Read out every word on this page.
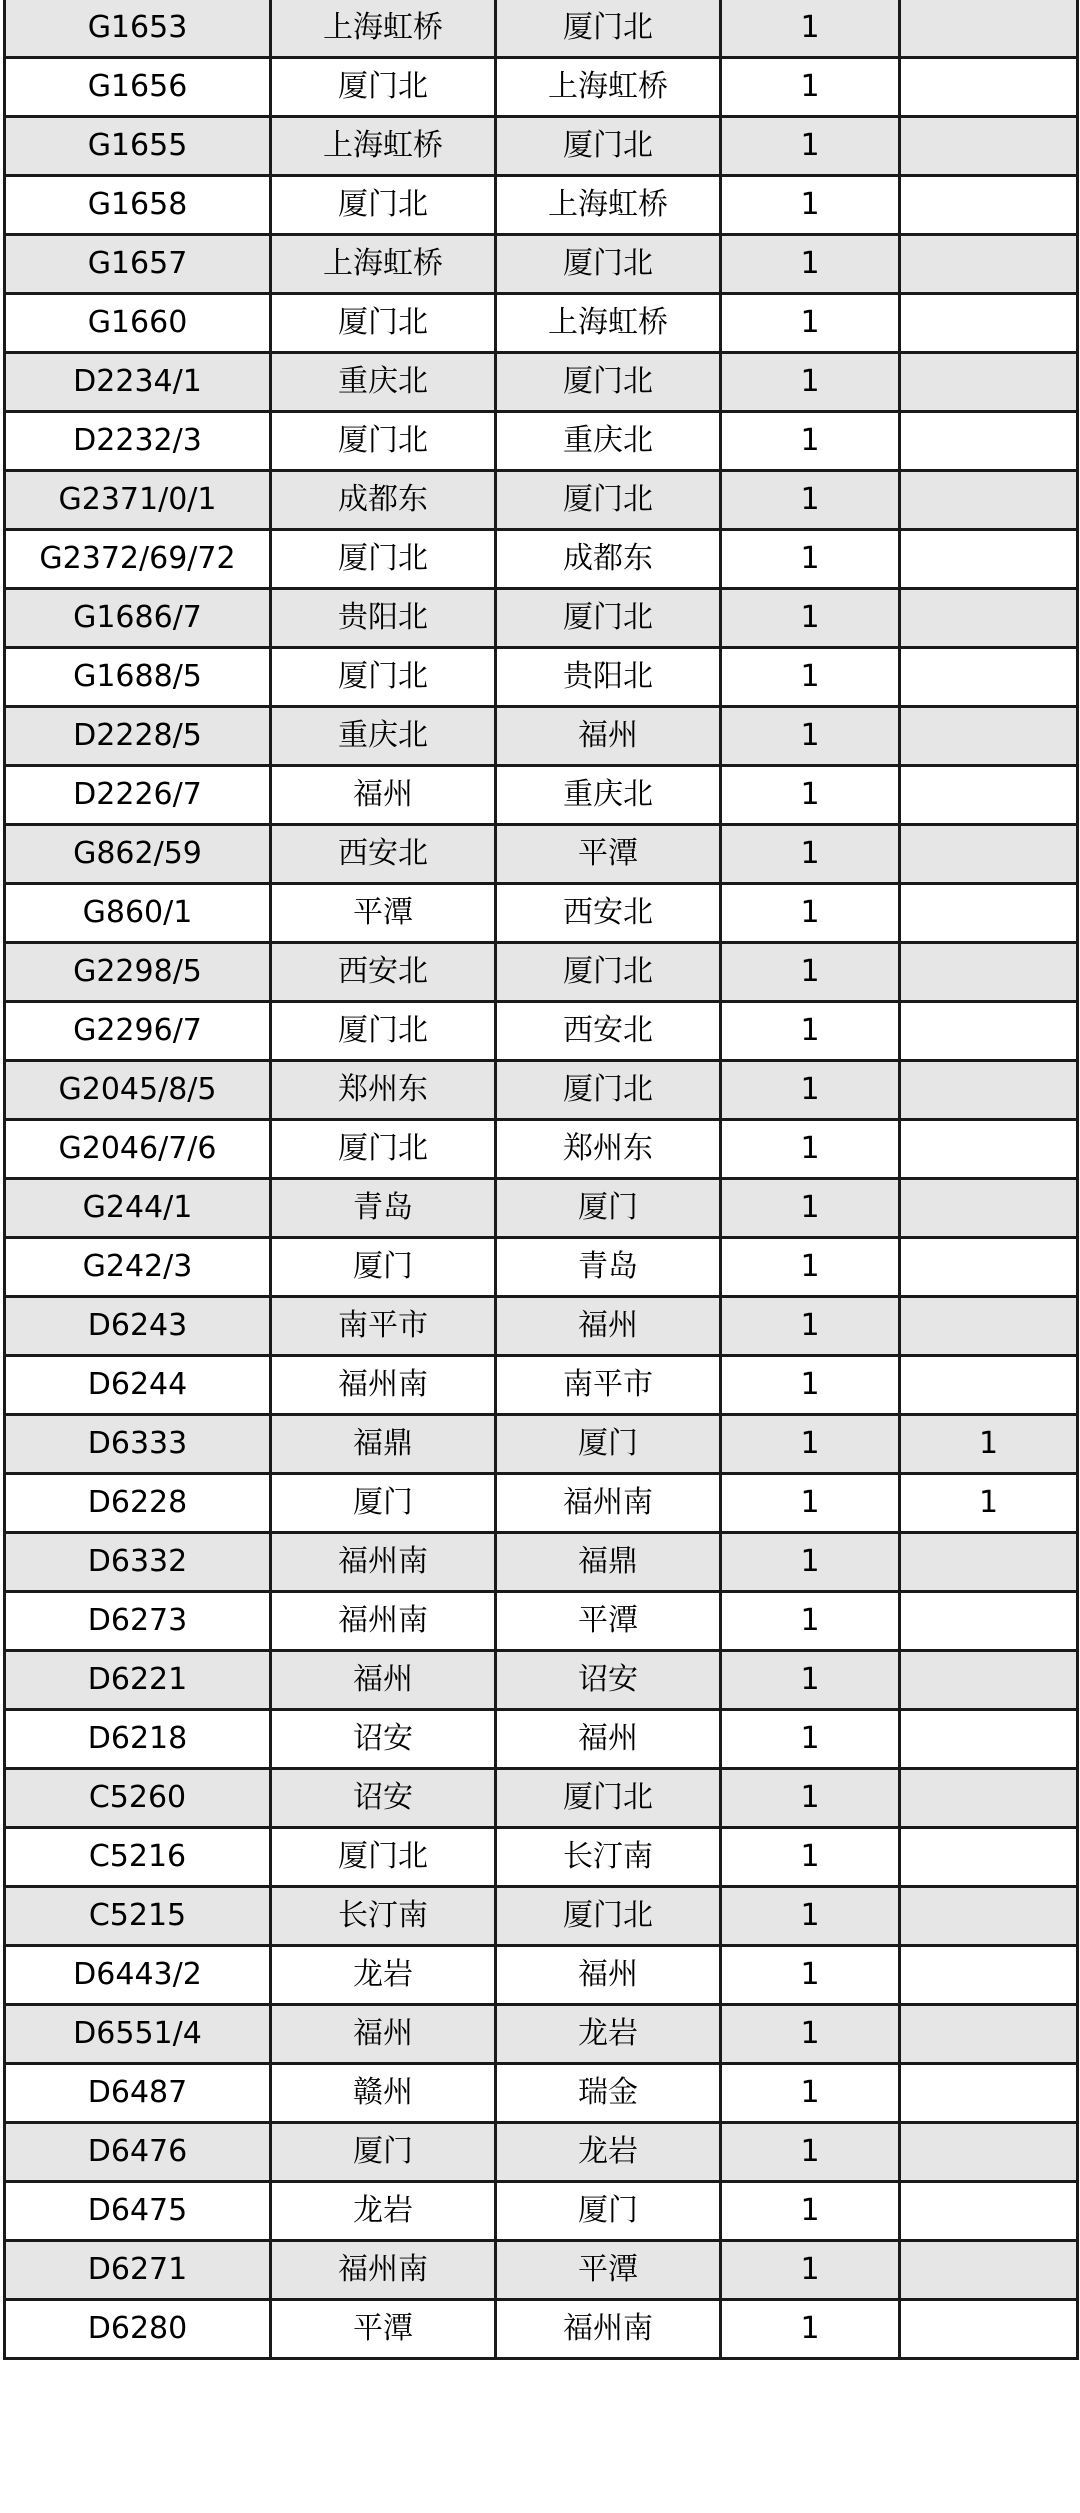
G1653	上海虹桥	厦门北	1	
G1656	厦门北	上海虹桥	1	
G1655	上海虹桥	厦门北	1	
G1658	厦门北	上海虹桥	1	
G1657	上海虹桥	厦门北	1	
G1660	厦门北	上海虹桥	1	
D2234/1	重庆北	厦门北	1	
D2232/3	厦门北	重庆北	1	
G2371/0/1	成都东	厦门北	1	
G2372/69/72	厦门北	成都东	1	
G1686/7	贵阳北	厦门北	1	
G1688/5	厦门北	贵阳北	1	
D2228/5	重庆北	福州	1	
D2226/7	福州	重庆北	1	
G862/59	西安北	平潭	1	
G860/1	平潭	西安北	1	
G2298/5	西安北	厦门北	1	
G2296/7	厦门北	西安北	1	
G2045/8/5	郑州东	厦门北	1	
G2046/7/6	厦门北	郑州东	1	
G244/1	青岛	厦门	1	
G242/3	厦门	青岛	1	
D6243	南平市	福州	1	
D6244	福州南	南平市	1	
D6333	福鼎	厦门	1	1
D6228	厦门	福州南	1	1
D6332	福州南	福鼎	1	
D6273	福州南	平潭	1	
D6221	福州	诏安	1	
D6218	诏安	福州	1	
C5260	诏安	厦门北	1	
C5216	厦门北	长汀南	1	
C5215	长汀南	厦门北	1	
D6443/2	龙岩	福州	1	
D6551/4	福州	龙岩	1	
D6487	赣州	瑞金	1	
D6476	厦门	龙岩	1	
D6475	龙岩	厦门	1	
D6271	福州南	平潭	1	
D6280	平潭	福州南	1	
